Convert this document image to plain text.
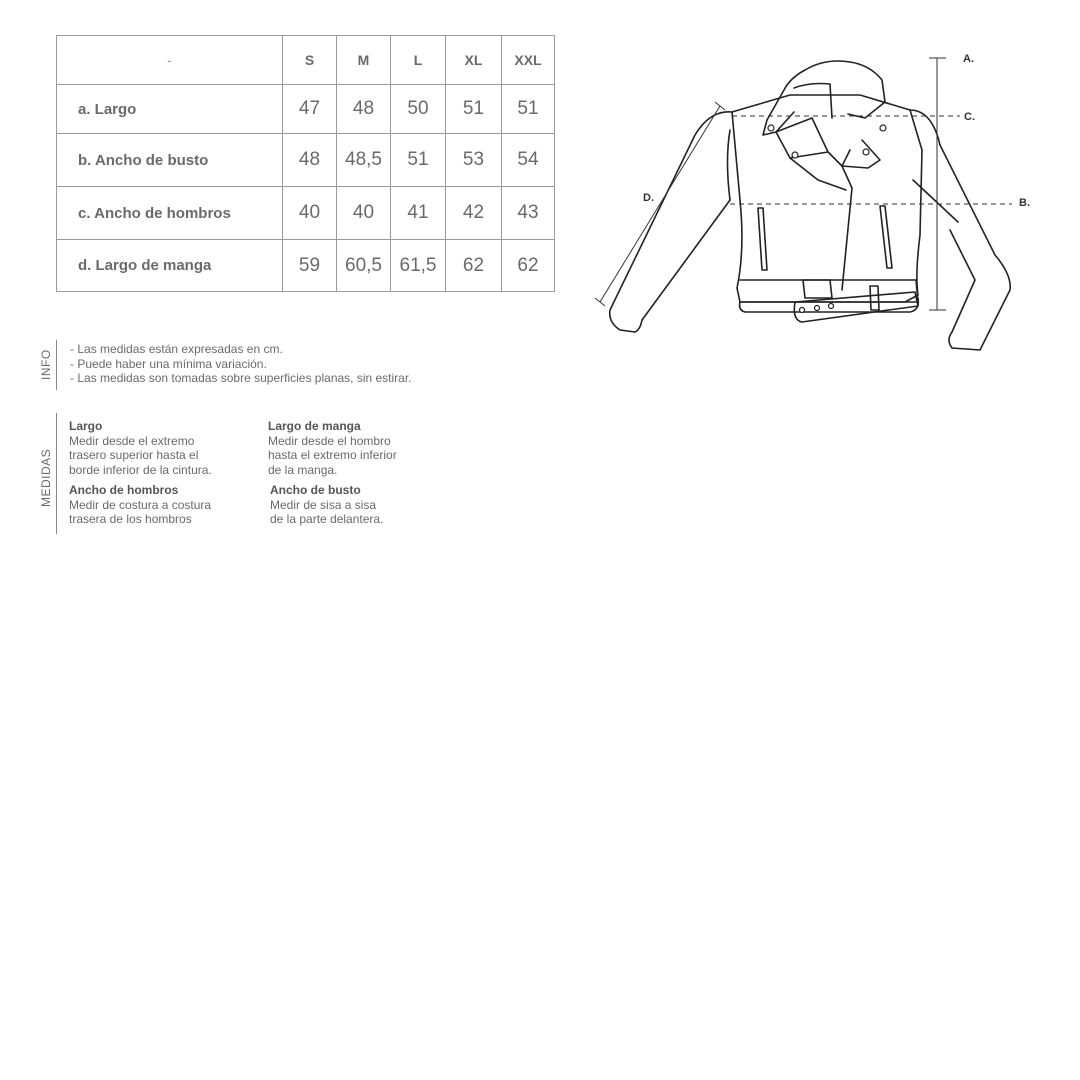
-	S	M	L	XL	XXL
a. Largo	47	48	50	51	51
b. Ancho de busto	48	48,5	51	53	54
c. Ancho de hombros	40	40	41	42	43
d. Largo de manga	59	60,5	61,5	62	62
INFO
- Las medidas están expresadas en cm.
- Puede haber una mínima variación.
- Las medidas son tomadas sobre superficies planas, sin estirar.
MEDIDAS
Largo
Medir desde el extremo
trasero superior hasta el
borde inferior de la cintura.
Largo de manga
Medir desde el hombro
hasta el extremo inferior
de la manga.
Ancho de hombros
Medir de costura a costura
trasera de los hombros
Ancho de busto
Medir de sisa a sisa
de la parte delantera.
A.
C.
B.
D.
